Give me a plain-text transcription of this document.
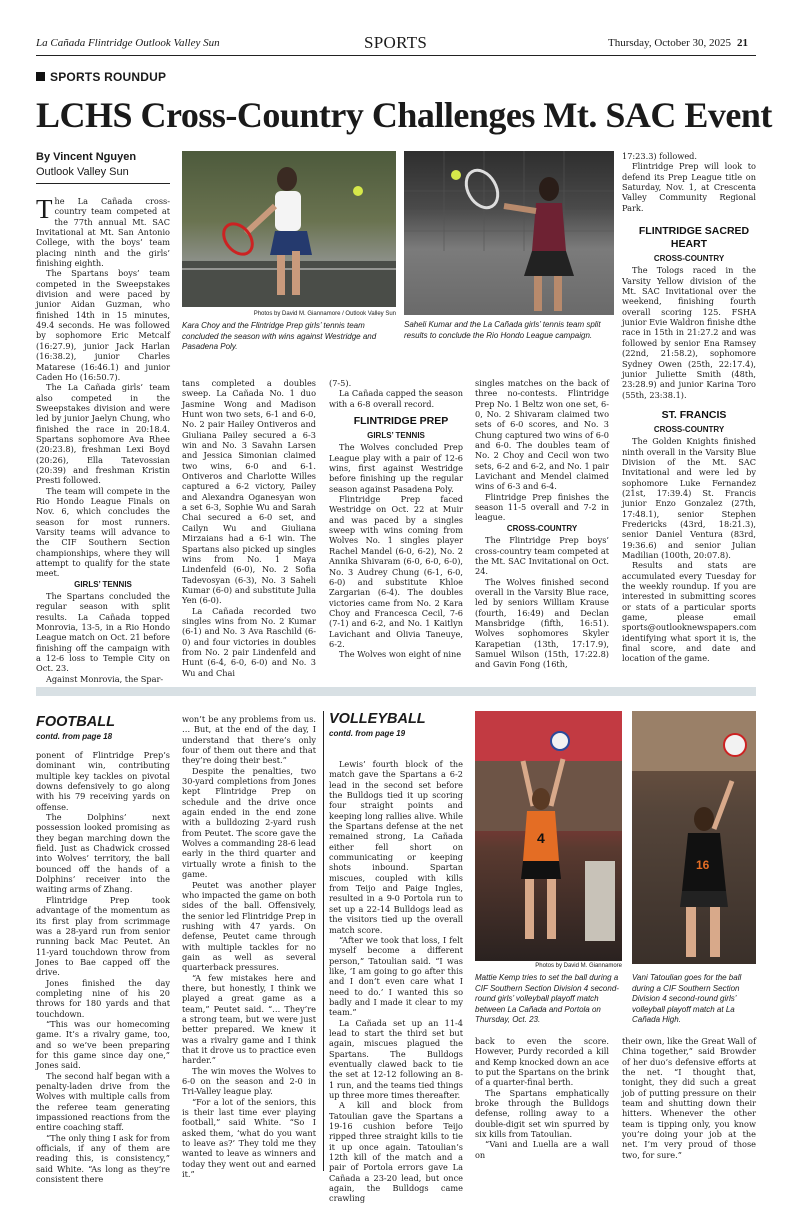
La Cañada Flintridge Outlook Valley Sun	SPORTS	Thursday, October 30, 2025 21
SPORTS ROUNDUP
LCHS Cross-Country Challenges Mt. SAC Event
By Vincent Nguyen
Outlook Valley Sun

The La Cañada cross-country team competed at the 77th annual Mt. SAC Invitational at Mt. San Antonio College, with the boys’ team placing ninth and the girls’ finishing eighth.

The Spartans boys’ team competed in the Sweepstakes division and were paced by junior Aidan Guzman, who finished 14th in 15 minutes, 49.4 seconds. He was followed by sophomore Eric Metcalf (16:27.9), junior Jack Harlan (16:38.2), junior Charles Matarese (16:46.1) and junior Caden Ho (16:50.7).

The La Cañada girls’ team also competed in the Sweepstakes division and were led by junior Jaelyn Chung, who finished the race in 20:18.4. Spartans sophomore Ava Rhee (20:23.8), freshman Lexi Boyd (20:26), Ella Tatevossian (20:39) and freshman Kristin Presti followed.

The team will compete in the Rio Hondo League Finals on Nov. 6, which concludes the season for most runners. Varsity teams will advance to the CIF Southern Section championships, where they will attempt to qualify for the state meet.

GIRLS’ TENNIS

The Spartans concluded the regular season with split results. La Cañada topped Monrovia, 13-5, in a Rio Hondo League match on Oct. 21 before finishing off the campaign with a 12-6 loss to Temple City on Oct. 23.

Against Monrovia, the Spar-

Photos by David M. Giannamore / Outlook Valley Sun
Kara Choy and the Flintridge Prep girls’ tennis team concluded the season with wins against Westridge and Pasadena Poly.
Saheli Kumar and the La Cañada girls’ tennis team split results to conclude the Rio Hondo League campaign.

tans completed a doubles sweep. La Cañada No. 1 duo Jasmine Wong and Madison Hunt won two sets, 6-1 and 6-0, No. 2 pair Hailey Ontiveros and Giuliana Pailey secured a 6-3 win and No. 3 Savahn Larsen and Jessica Simonian claimed two wins, 6-0 and 6-1. Ontiveros and Charlotte Willes captured a 6-2 victory, Pailey and Alexandra Oganesyan won a set 6-3, Sophie Wu and Sarah Chai secured a 6-0 set, and Cailyn Wu and Giuliana Mirzaians had a 6-1 win. The Spartans also picked up singles wins from No. 1 Maya Lindenfeld (6-0), No. 2 Sofia Tadevosyan (6-3), No. 3 Saheli Kumar (6-0) and substitute Julia Yen (6-0).

La Cañada recorded two singles wins from No. 2 Kumar (6-1) and No. 3 Ava Raschild (6-0) and four victories in doubles from No. 2 pair Lindenfeld and Hunt (6-4, 6-0, 6-0) and No. 3 Wu and Chai

(7-5).

La Cañada capped the season with a 6-8 overall record.

FLINTRIDGE PREP

GIRLS’ TENNIS

The Wolves concluded Prep League play with a pair of 12-6 wins, first against Westridge before finishing up the regular season against Pasadena Poly.

Flintridge Prep faced Westridge on Oct. 22 at Muir and was paced by a singles sweep with wins coming from Wolves No. 1 singles player Rachel Mandel (6-0, 6-2), No. 2 Annika Shivaram (6-0, 6-0, 6-0), No. 3 Audrey Chung (6-1, 6-0, 6-0) and substitute Khloe Zargarian (6-4). The doubles victories came from No. 2 Kara Choy and Francesca Cecil, 7-6 (7-1) and 6-2, and No. 1 Kaitlyn Lavichant and Olivia Taneuye, 6-2.

The Wolves won eight of nine

singles matches on the back of three no-contests. Flintridge Prep No. 1 Beltz won one set, 6-0, No. 2 Shivaram claimed two sets of 6-0 scores, and No. 3 Chung captured two wins of 6-0 and 6-0. The doubles team of No. 2 Choy and Cecil won two sets, 6-2 and 6-2, and No. 1 pair Lavichant and Mendel claimed wins of 6-3 and 6-4.

Flintridge Prep finishes the season 11-5 overall and 7-2 in league.

CROSS-COUNTRY

The Flintridge Prep boys’ cross-country team competed at the Mt. SAC Invitational on Oct. 24.

The Wolves finished second overall in the Varsity Blue race, led by seniors William Krause (fourth, 16:49) and Declan Mansbridge (fifth, 16:51). Wolves sophomores Skyler Karapetian (13th, 17:17.9), Samuel Wilson (15th, 17:22.8) and Gavin Fong (16th,

17:23.3) followed.

Flintridge Prep will look to defend its Prep League title on Saturday, Nov. 1, at Crescenta Valley Community Regional Park.

FLINTRIDGE SACRED HEART

CROSS-COUNTRY

The Tologs raced in the Varsity Yellow division of the Mt. SAC Invitational over the weekend, finishing fourth overall scoring 125. FSHA junior Evie Waldron finishe dthe race in 15th in 21:27.2 and was followed by senior Ena Ramsey (22nd, 21:58.2), sophomore Sydney Owen (25th, 22:17.4), junior Juliette Smith (48th, 23:28.9) and junior Karina Toro (55th, 23:38.1).

ST. FRANCIS

CROSS-COUNTRY

The Golden Knights finished ninth overall in the Varsity Blue Division of the Mt. SAC Invitational and were led by sophomore Luke Fernandez (21st, 17:39.4) St. Francis junior Enzo Gonzalez (27th, 17:48.1), senior Stephen Fredericks (43rd, 18:21.3), senior Daniel Ventura (83rd, 19:36.6) and senior Julian Madilian (100th, 20:07.8).

Results and stats are accumulated every Tuesday for the weekly roundup. If you are interested in submitting scores or stats of a particular sports game, please email sports@outlooknewspapers.com identifying what sport it is, the final score, and date and location of the game.

FOOTBALL
contd. from page 18

ponent of Flintridge Prep’s dominant win, contributing multiple key tackles on pivotal downs defensively to go along with his 79 receiving yards on offense.

The Dolphins’ next possession looked promising as they began marching down the field. Just as Chadwick crossed into Wolves’ territory, the ball bounced off the hands of a Dolphins’ receiver into the waiting arms of Zhang.

Flintridge Prep took advantage of the momentum as its first play from scrimmage was a 28-yard run from senior running back Mac Peutet. An 11-yard touchdown throw from Jones to Bae capped off the drive.

Jones finished the day completing nine of his 20 throws for 180 yards and that touchdown.

“This was our homecoming game. It’s a rivalry game, too, and so we’ve been preparing for this game since day one,” Jones said.

The second half began with a penalty-laden drive from the Wolves with multiple calls from the referee team generating impassioned reactions from the entire coaching staff.

“The only thing I ask for from officials, if any of them are reading this, is consistency,” said White. “As long as they’re consistent there

won’t be any problems from us. … But, at the end of the day, I understand that there’s only four of them out there and that they’re doing their best.”

Despite the penalties, two 30-yard completions from Jones kept Flintridge Prep on schedule and the drive once again ended in the end zone with a bulldozing 2-yard rush from Peutet. The score gave the Wolves a commanding 28-6 lead early in the third quarter and virtually wrote a finish to the game.

Peutet was another player who impacted the game on both sides of the ball. Offensively, the senior led Flintridge Prep in rushing with 47 yards. On defense, Peutet came through with multiple tackles for no gain as well as several quarterback pressures.

“A few mistakes here and there, but honestly, I think we played a great game as a team,” Peutet said. “… They’re a strong team, but we were just better prepared. We knew it was a rivalry game and I think that it drove us to practice even harder.”

The win moves the Wolves to 6-0 on the season and 2-0 in Tri-Valley league play.

“For a lot of the seniors, this is their last time ever playing football,” said White. “So I asked them, ‘what do you want to leave as?’ They told me they wanted to leave as winners and today they went out and earned it.”

VOLLEYBALL
contd. from page 19

Lewis’ fourth block of the match gave the Spartans a 6-2 lead in the second set before the Bulldogs tied it up scoring four straight points and keeping long rallies alive. While the Spartans defense at the net remained strong, La Cañada either fell short on communicating or keeping shots inbound. Spartan miscues, coupled with kills from Teijo and Paige Ingles, resulted in a 9-0 Portola run to set up a 22-14 Bulldogs lead as the visitors tied up the overall match score.

“After we took that loss, I felt myself become a different person,” Tatoulian said. “I was like, ‘I am going to go after this and I don’t even care what I need to do.’ I wanted this so badly and I made it clear to my team.”

La Cañada set up an 11-4 lead to start the third set but again, miscues plagued the Spartans. The Bulldogs eventually clawed back to tie the set at 12-12 following an 8-1 run, and the teams tied things up three more times thereafter.

A kill and block from Tatoulian gave the Spartans a 19-16 cushion before Teijo ripped three straight kills to tie it up once again. Tatoulian’s 12th kill of the match and a pair of Portola errors gave La Cañada a 23-20 lead, but once again, the Bulldogs came crawling

4
Photos by David M. Giannamore
Mattie Kemp tries to set the ball during a CIF Southern Section Division 4 second-round girls’ volleyball playoff match between La Cañada and Portola on Thursday, Oct. 23.
16
Vani Tatoulian goes for the ball during a CIF Southern Section Division 4 second-round girls’ volleyball playoff match at La Cañada High.

back to even the score. However, Purdy recorded a kill and Kemp knocked down an ace to put the Spartans on the brink of a quarter-final berth.

The Spartans emphatically broke through the Bulldogs defense, rolling away to a double-digit set win spurred by six kills from Tatoulian.

“Vani and Luella are a wall on

their own, like the Great Wall of China together,” said Browder of her duo’s defensive efforts at the net. “I thought that, tonight, they did such a great job of putting pressure on their team and shutting down their hitters. Whenever the other team is tipping only, you know you’re doing your job at the net. I’m very proud of those two, for sure.”
